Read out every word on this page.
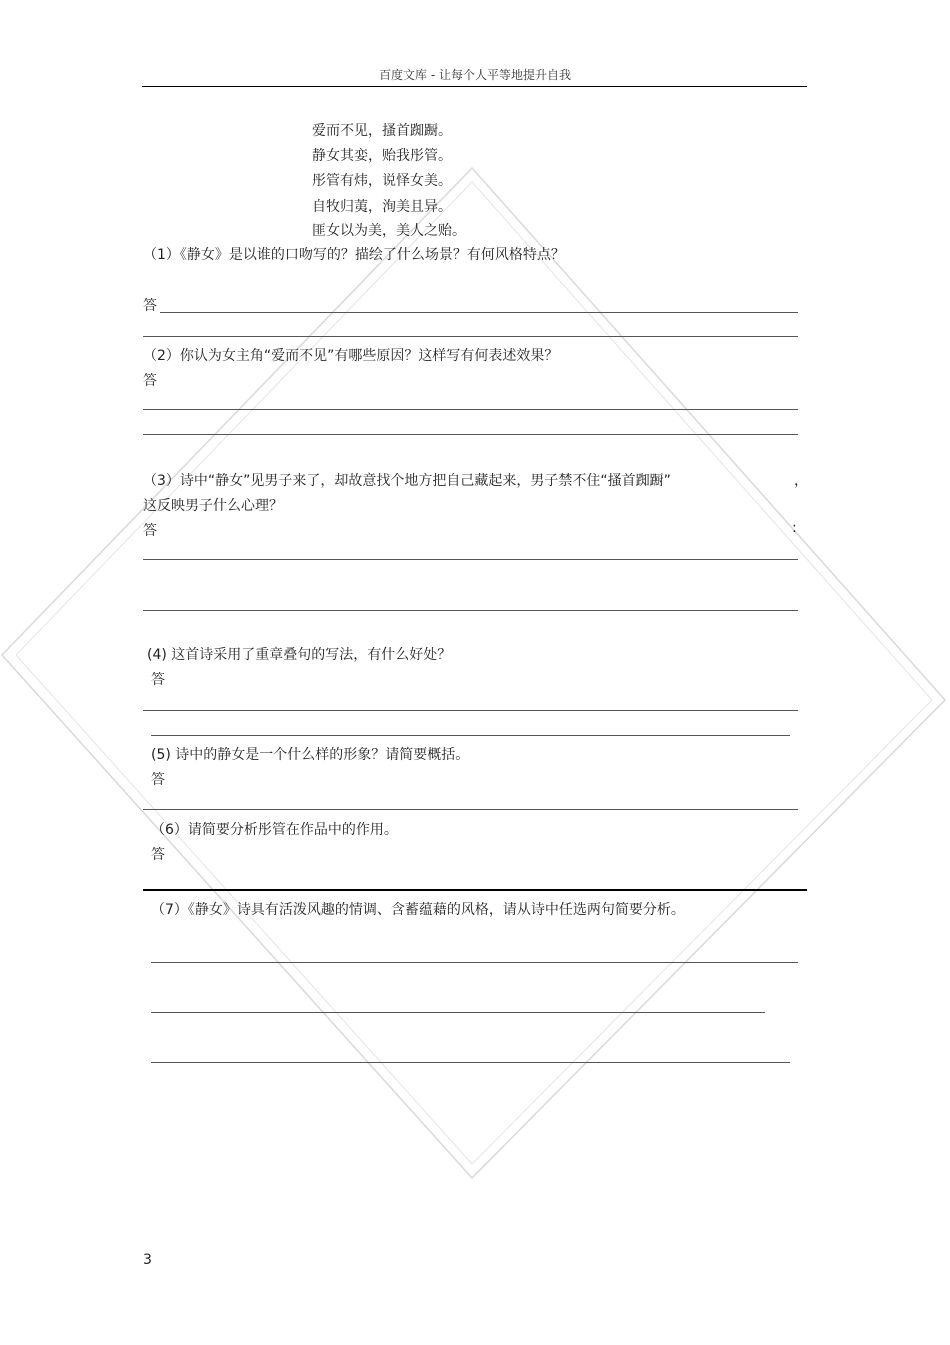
百度文库 - 让每个人平等地提升自我
爱而不见，搔首踟蹰。
静女其娈，贻我彤管。
彤管有炜，说怿女美。
自牧归荑，洵美且异。
匪女以为美，美人之贻。
（1）《静女》是以谁的口吻写的？描绘了什么场景？有何风格特点？
答
（2）你认为女主角“爱而不见”有哪些原因？这样写有何表述效果？
答
（3）诗中“静女”见男子来了，却故意找个地方把自己藏起来，男子禁不住“搔首踟蹰”	，
这反映男子什么心理？
答	:
(4) 这首诗采用了重章叠句的写法，有什么好处？
答
(5) 诗中的静女是一个什么样的形象？请简要概括。
答
（6）请简要分析彤管在作品中的作用。
答
（7）《静女》诗具有活泼风趣的情调、含蓄蕴藉的风格，请从诗中任选两句简要分析。
3
